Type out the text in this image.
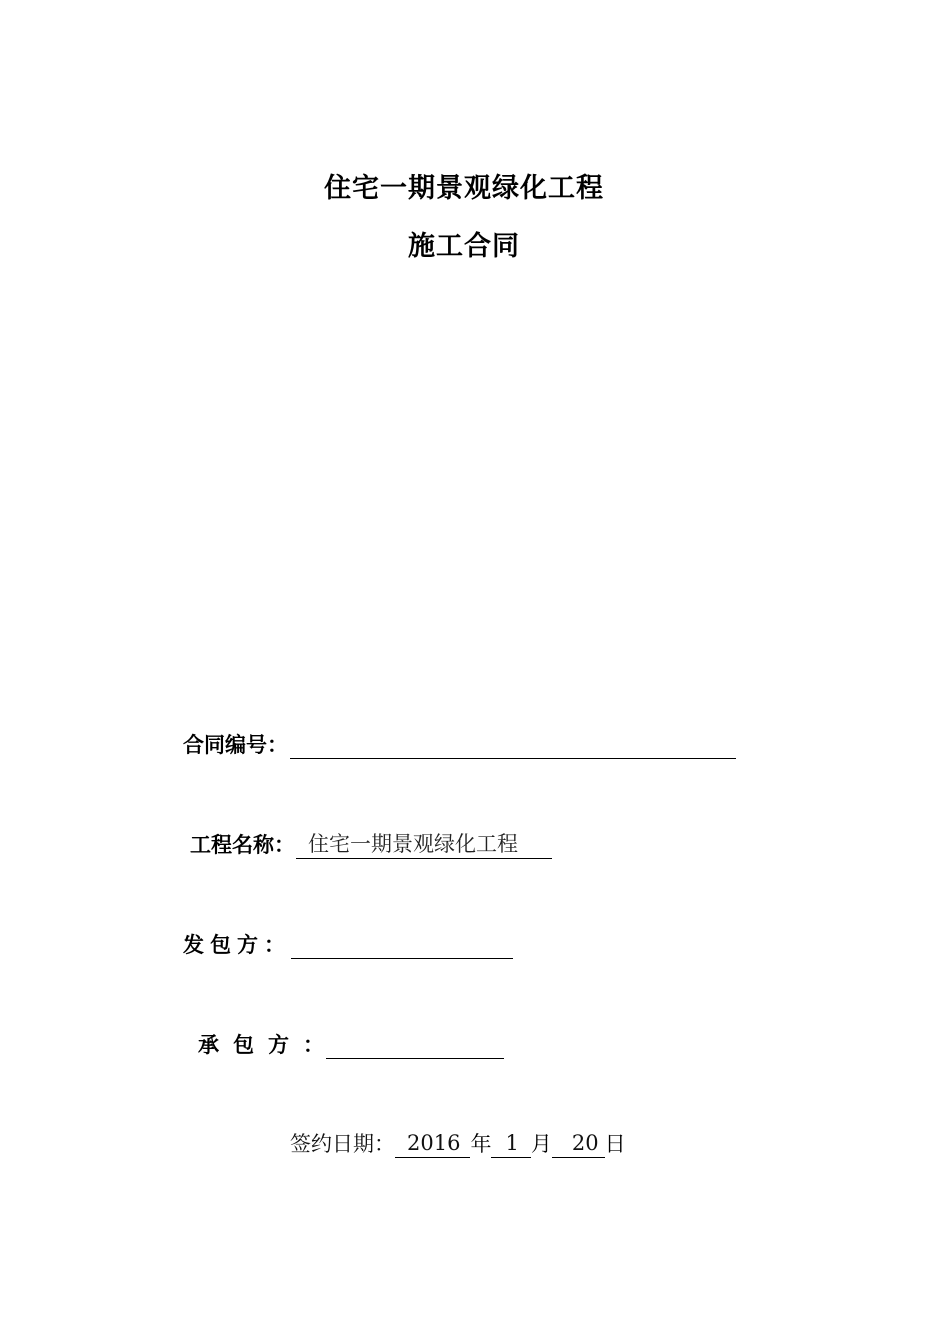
住宅一期景观绿化工程
施工合同
合同编号：
工程名称： 住宅一期景观绿化工程
发包方：
承包方：
签约日期： 2016 年 1 月 20 日
